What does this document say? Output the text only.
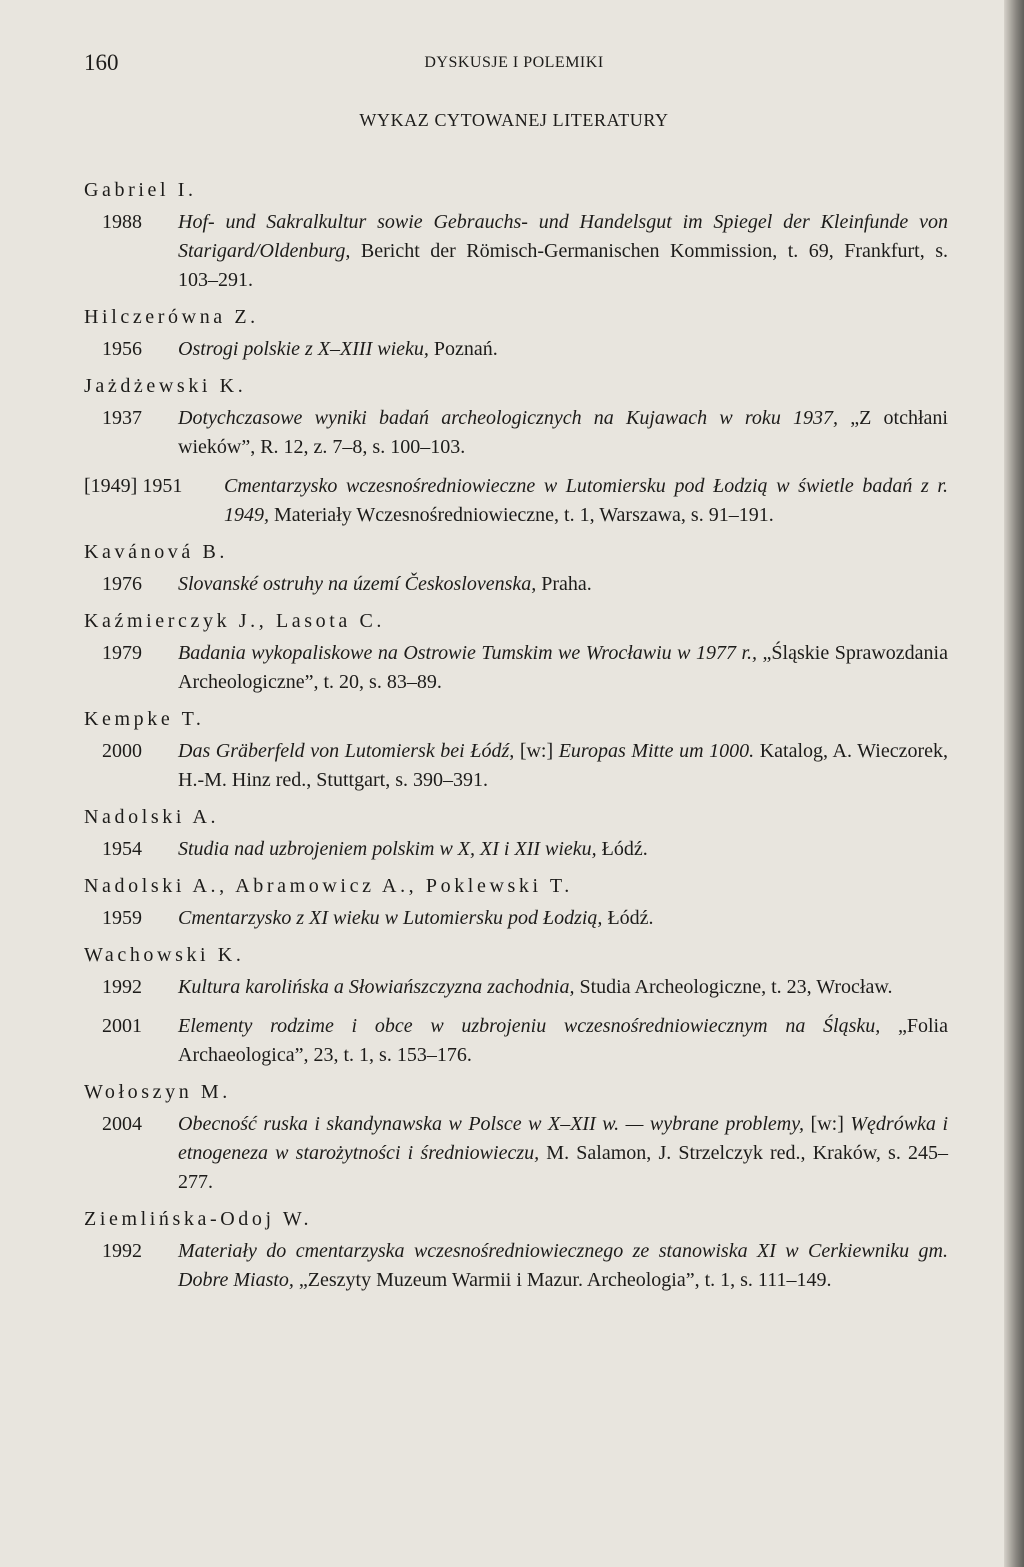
160	DYSKUSJE I POLEMIKI
WYKAZ CYTOWANEJ LITERATURY
Gabriel I.
1988	Hof- und Sakralkultur sowie Gebrauchs- und Handelsgut im Spiegel der Kleinfunde von Starigard/Oldenburg, Bericht der Römisch-Germanischen Kommission, t. 69, Frankfurt, s. 103–291.
Hilczerówna Z.
1956	Ostrogi polskie z X–XIII wieku, Poznań.
Jażdżewski K.
1937	Dotychczasowe wyniki badań archeologicznych na Kujawach w roku 1937, „Z otchłani wieków”, R. 12, z. 7–8, s. 100–103.
[1949] 1951	Cmentarzysko wczesnośredniowieczne w Lutomiersku pod Łodzią w świetle badań z r. 1949, Materiały Wczesnośredniowieczne, t. 1, Warszawa, s. 91–191.
Kavánová B.
1976	Slovanské ostruhy na území Československa, Praha.
Kaźmierczyk J., Lasota C.
1979	Badania wykopaliskowe na Ostrowie Tumskim we Wrocławiu w 1977 r., „Śląskie Sprawozdania Archeologiczne”, t. 20, s. 83–89.
Kempke T.
2000	Das Gräberfeld von Lutomiersk bei Łódź, [w:] Europas Mitte um 1000. Katalog, A. Wieczorek, H.-M. Hinz red., Stuttgart, s. 390–391.
Nadolski A.
1954	Studia nad uzbrojeniem polskim w X, XI i XII wieku, Łódź.
Nadolski A., Abramowicz A., Poklewski T.
1959	Cmentarzysko z XI wieku w Lutomiersku pod Łodzią, Łódź.
Wachowski K.
1992	Kultura karolińska a Słowiańszczyzna zachodnia, Studia Archeologiczne, t. 23, Wrocław.
2001	Elementy rodzime i obce w uzbrojeniu wczesnośredniowiecznym na Śląsku, „Folia Archaeologica”, 23, t. 1, s. 153–176.
Wołoszyn M.
2004	Obecność ruska i skandynawska w Polsce w X–XII w. — wybrane problemy, [w:] Wędrówka i etnogeneza w starożytności i średniowieczu, M. Salamon, J. Strzelczyk red., Kraków, s. 245–277.
Ziemlińska-Odoj W.
1992	Materiały do cmentarzyska wczesnośredniowiecznego ze stanowiska XI w Cerkiewniku gm. Dobre Miasto, „Zeszyty Muzeum Warmii i Mazur. Archeologia”, t. 1, s. 111–149.
